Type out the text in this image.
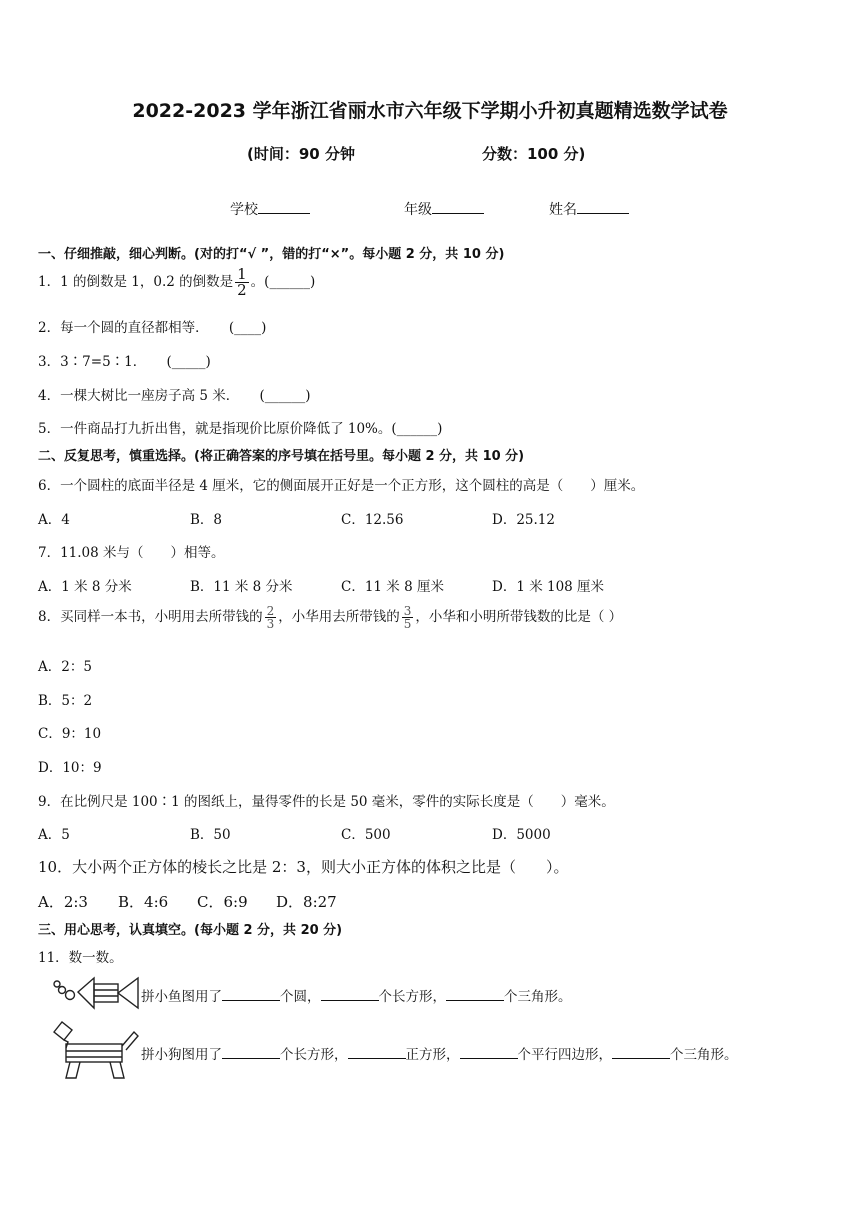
2022-2023 学年浙江省丽水市六年级下学期小升初真题精选数学试卷
(时间：90 分钟	分数：100 分)
学校	年级	姓名
一、仔细推敲，细心判断。(对的打“√ ”，错的打“×”。每小题 2 分，共 10 分)
1．1 的倒数是 1，0.2 的倒数是 $\frac{1}{2}$ 。(______)
2．每一个圆的直径都相等．　　(____)
3．3∶7=5∶1．　　(_____)
4．一棵大树比一座房子高 5 米．　　(______)
5．一件商品打九折出售，就是指现价比原价降低了 10%。(______)
二、反复思考，慎重选择。(将正确答案的序号填在括号里。每小题 2 分，共 10 分)
6．一个圆柱的底面半径是 4 厘米，它的侧面展开正好是一个正方形，这个圆柱的高是（　　）厘米。
A．4	B．8	C．12.56	D．25.12
7．11.08 米与（　　）相等。
A．1 米 8 分米	B．11 米 8 分米	C．11 米 8 厘米	D．1 米 108 厘米
8．买同样一本书，小明用去所带钱的 $\frac{2}{3}$ ，小华用去所带钱的 $\frac{3}{5}$ ，小华和小明所带钱数的比是（ ）
A．2：5
B．5：2
C．9：10
D．10：9
9．在比例尺是 100∶1 的图纸上，量得零件的长是 50 毫米，零件的实际长度是（　　）毫米。
A．5	B．50	C．500	D．5000
10．大小两个正方体的棱长之比是 2：3，则大小正方体的体积之比是（　　）。
A．2:3 B．4:6 C．6:9 D．8:27
三、用心思考，认真填空。(每小题 2 分，共 20 分)
11．数一数。
拼小鱼图用了	个圆，	个长方形，	个三角形。
拼小狗图用了	个长方形，	正方形，	个平行四边形，	个三角形。
